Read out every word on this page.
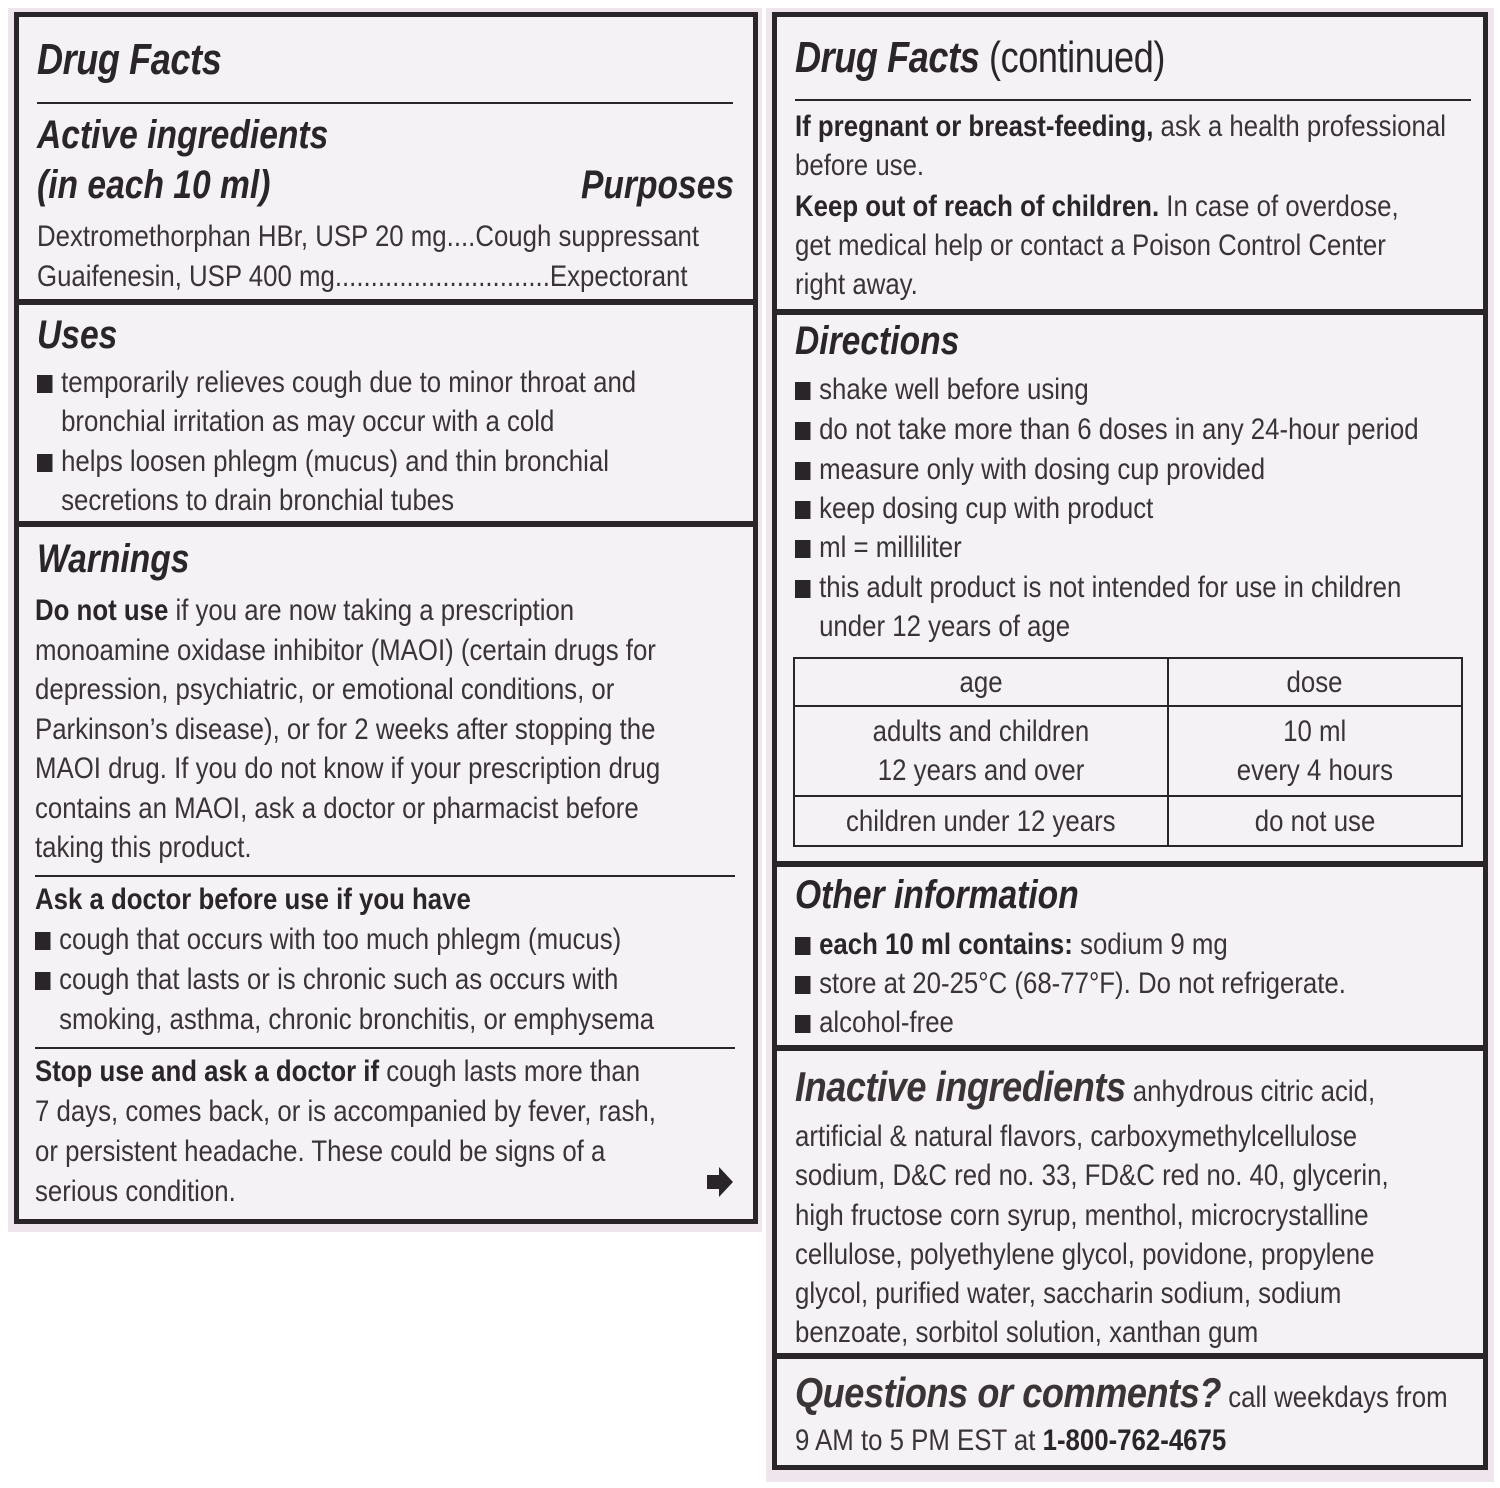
Drug Facts
Active ingredients
(in each 10 ml)	Purposes
Dextromethorphan HBr, USP 20 mg....Cough suppressant
Guaifenesin, USP 400 mg..............................Expectorant
Uses
temporarily relieves cough due to minor throat and
bronchial irritation as may occur with a cold
helps loosen phlegm (mucus) and thin bronchial
secretions to drain bronchial tubes
Warnings
Do not use if you are now taking a prescription
monoamine oxidase inhibitor (MAOI) (certain drugs for
depression, psychiatric, or emotional conditions, or
Parkinson’s disease), or for 2 weeks after stopping the
MAOI drug. If you do not know if your prescription drug
contains an MAOI, ask a doctor or pharmacist before
taking this product.
Ask a doctor before use if you have
cough that occurs with too much phlegm (mucus)
cough that lasts or is chronic such as occurs with
smoking, asthma, chronic bronchitis, or emphysema
Stop use and ask a doctor if cough lasts more than
7 days, comes back, or is accompanied by fever, rash,
or persistent headache. These could be signs of a
serious condition.
Drug Facts (continued)
If pregnant or breast-feeding, ask a health professional
before use.
Keep out of reach of children. In case of overdose,
get medical help or contact a Poison Control Center
right away.
Directions
shake well before using
do not take more than 6 doses in any 24-hour period
measure only with dosing cup provided
keep dosing cup with product
ml = milliliter
this adult product is not intended for use in children
under 12 years of age
age	dose
adults and children
12 years and over	10 ml
every 4 hours
children under 12 years	do not use
Other information
each 10 ml contains: sodium 9 mg
store at 20-25°C (68-77°F). Do not refrigerate.
alcohol-free
Inactive ingredients anhydrous citric acid,
artificial & natural flavors, carboxymethylcellulose
sodium, D&C red no. 33, FD&C red no. 40, glycerin,
high fructose corn syrup, menthol, microcrystalline
cellulose, polyethylene glycol, povidone, propylene
glycol, purified water, saccharin sodium, sodium
benzoate, sorbitol solution, xanthan gum
Questions or comments? call weekdays from
9 AM to 5 PM EST at 1-800-762-4675
